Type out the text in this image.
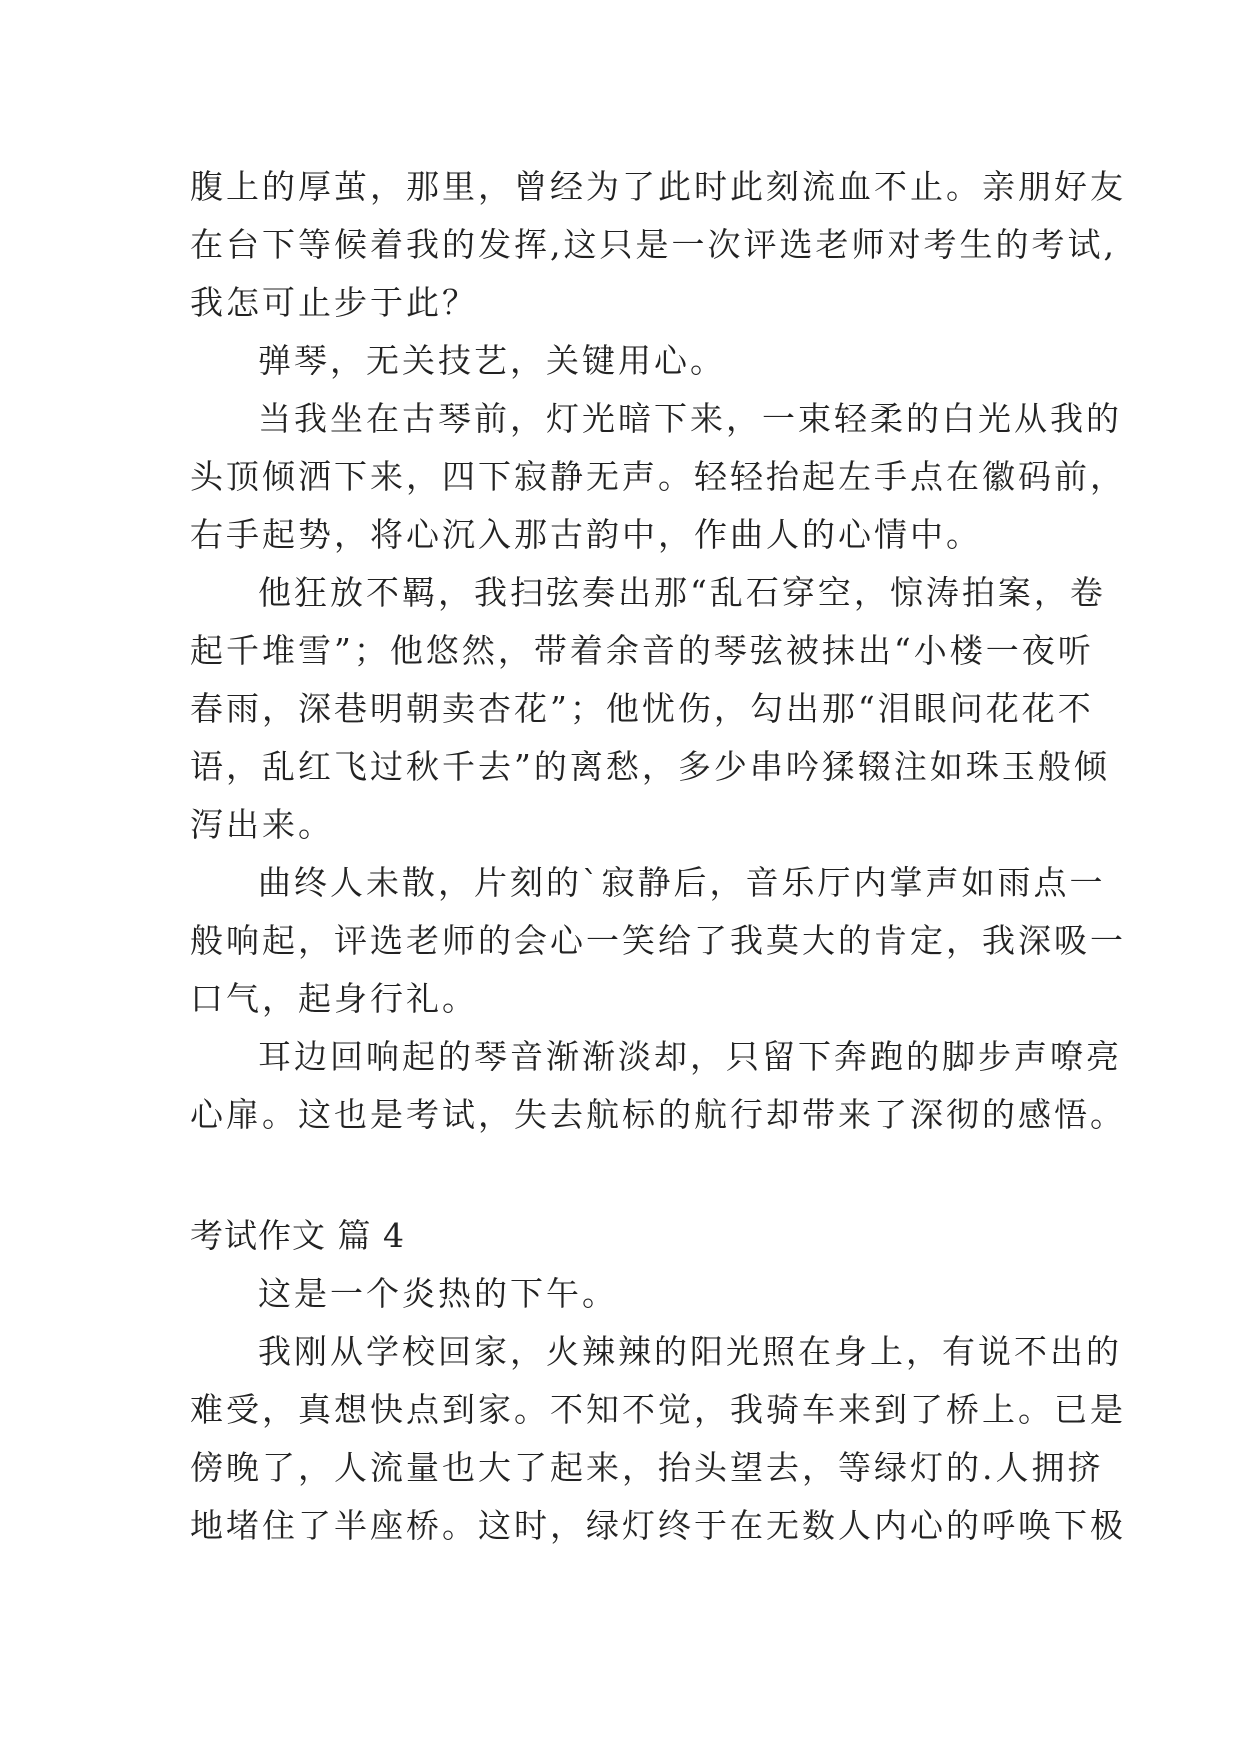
腹上的厚茧，那里，曾经为了此时此刻流血不止。亲朋好友
在台下等候着我的发挥,这只是一次评选老师对考生的考试,
我怎可止步于此？
弹琴，无关技艺，关键用心。
当我坐在古琴前，灯光暗下来，一束轻柔的白光从我的
头顶倾洒下来，四下寂静无声。轻轻抬起左手点在徽码前，
右手起势，将心沉入那古韵中，作曲人的心情中。
他狂放不羁，我扫弦奏出那“乱石穿空，惊涛拍案，卷
起千堆雪”；他悠然，带着余音的琴弦被抹出“小楼一夜听
春雨，深巷明朝卖杏花”；他忧伤，勾出那“泪眼问花花不
语，乱红飞过秋千去”的离愁，多少串吟猱辍注如珠玉般倾
泻出来。
曲终人未散，片刻的`寂静后，音乐厅内掌声如雨点一
般响起，评选老师的会心一笑给了我莫大的肯定，我深吸一
口气，起身行礼。
耳边回响起的琴音渐渐淡却，只留下奔跑的脚步声嘹亮
心扉。这也是考试，失去航标的航行却带来了深彻的感悟。
考试作文 篇 4
这是一个炎热的下午。
我刚从学校回家，火辣辣的阳光照在身上，有说不出的
难受，真想快点到家。不知不觉，我骑车来到了桥上。已是
傍晚了，人流量也大了起来，抬头望去，等绿灯的.人拥挤
地堵住了半座桥。这时，绿灯终于在无数人内心的呼唤下极
